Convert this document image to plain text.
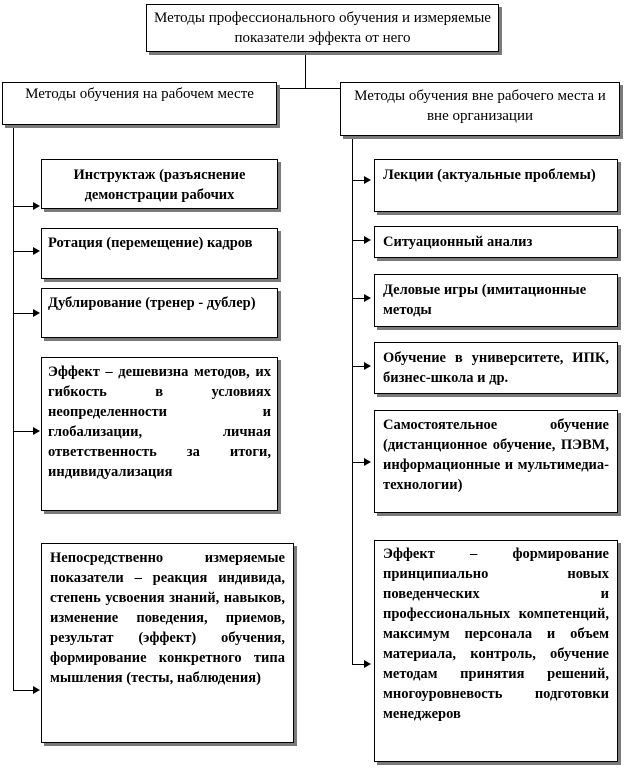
Методы профессионального обучения и измеряемые показатели эффекта от него
Методы обучения на рабочем месте	Методы обучения вне рабочего места и вне организации
Инструктаж (разъяснение демонстрации рабочих
Ротация (перемещение) кадров
Дублирование (тренер - дублер)
Эффект – дешевизна методов, их гибкость в условиях неопределенности и глобализации, личная ответственность за итоги, индивидуализация
Непосредственно измеряемые показатели – реакция индивида, степень усвоения знаний, навыков, изменение поведения, приемов, результат (эффект) обучения, формирование конкретного типа мышления (тесты, наблюдения)
Лекции (актуальные проблемы)
Ситуационный анализ
Деловые игры (имитационные методы
Обучение в университете, ИПК, бизнес-школа и др.
Самостоятельное обучение (дистанционное обучение, ПЭВМ, информационные и мультимедиа-технологии)
Эффект – формирование принципиально новых поведенческих и профессиональных компетенций, максимум персонала и объем материала, контроль, обучение методам принятия решений, многоуровневость подготовки менеджеров
